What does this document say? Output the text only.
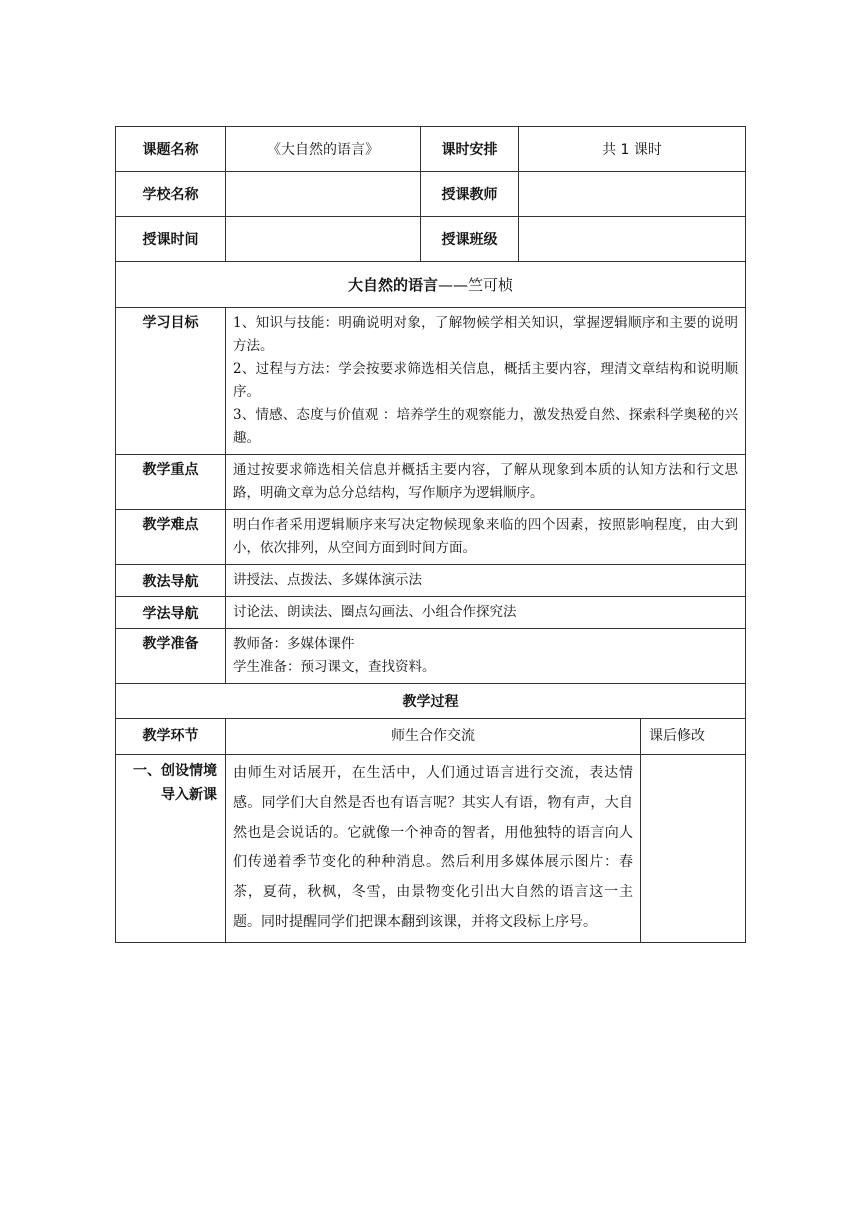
课题名称	《大自然的语言》	课时安排	共 1 课时	
学校名称		授课教师		
授课时间		授课班级		
大自然的语言——竺可桢				
学习目标	1、知识与技能：明确说明对象，了解物候学相关知识，掌握逻辑顺序和主要的说明方法。
2、过程与方法：学会按要求筛选相关信息，概括主要内容，理清文章结构和说明顺序。
3、情感、态度与价值观 ：培养学生的观察能力，激发热爱自然、探索科学奥秘的兴趣。			

教学重点	通过按要求筛选相关信息并概括主要内容，了解从现象到本质的认知方法和行文思路，明确文章为总分总结构，写作顺序为逻辑顺序。			
教学难点	明白作者采用逻辑顺序来写决定物候现象来临的四个因素，按照影响程度，由大到小，依次排列，从空间方面到时间方面。			
教法导航	讲授法、点拨法、多媒体演示法			
学法导航	讨论法、朗读法、圈点勾画法、小组合作探究法			
教学准备	教师备：多媒体课件
学生准备：预习课文，查找资料。			

教学过程				
教学环节	师生合作交流			课后修改

一、创设情境
导入新课	由师生对话展开，在生活中，人们通过语言进行交流，表达情感。同学们大自然是否也有语言呢？其实人有语，物有声，大自然也是会说话的。它就像一个神奇的智者，用他独特的语言向人们传递着季节变化的种种消息。然后利用多媒体展示图片：春茶，夏荷，秋枫，冬雪，由景物变化引出大自然的语言这一主题。同时提醒同学们把课本翻到该课，并将文段标上序号。			
